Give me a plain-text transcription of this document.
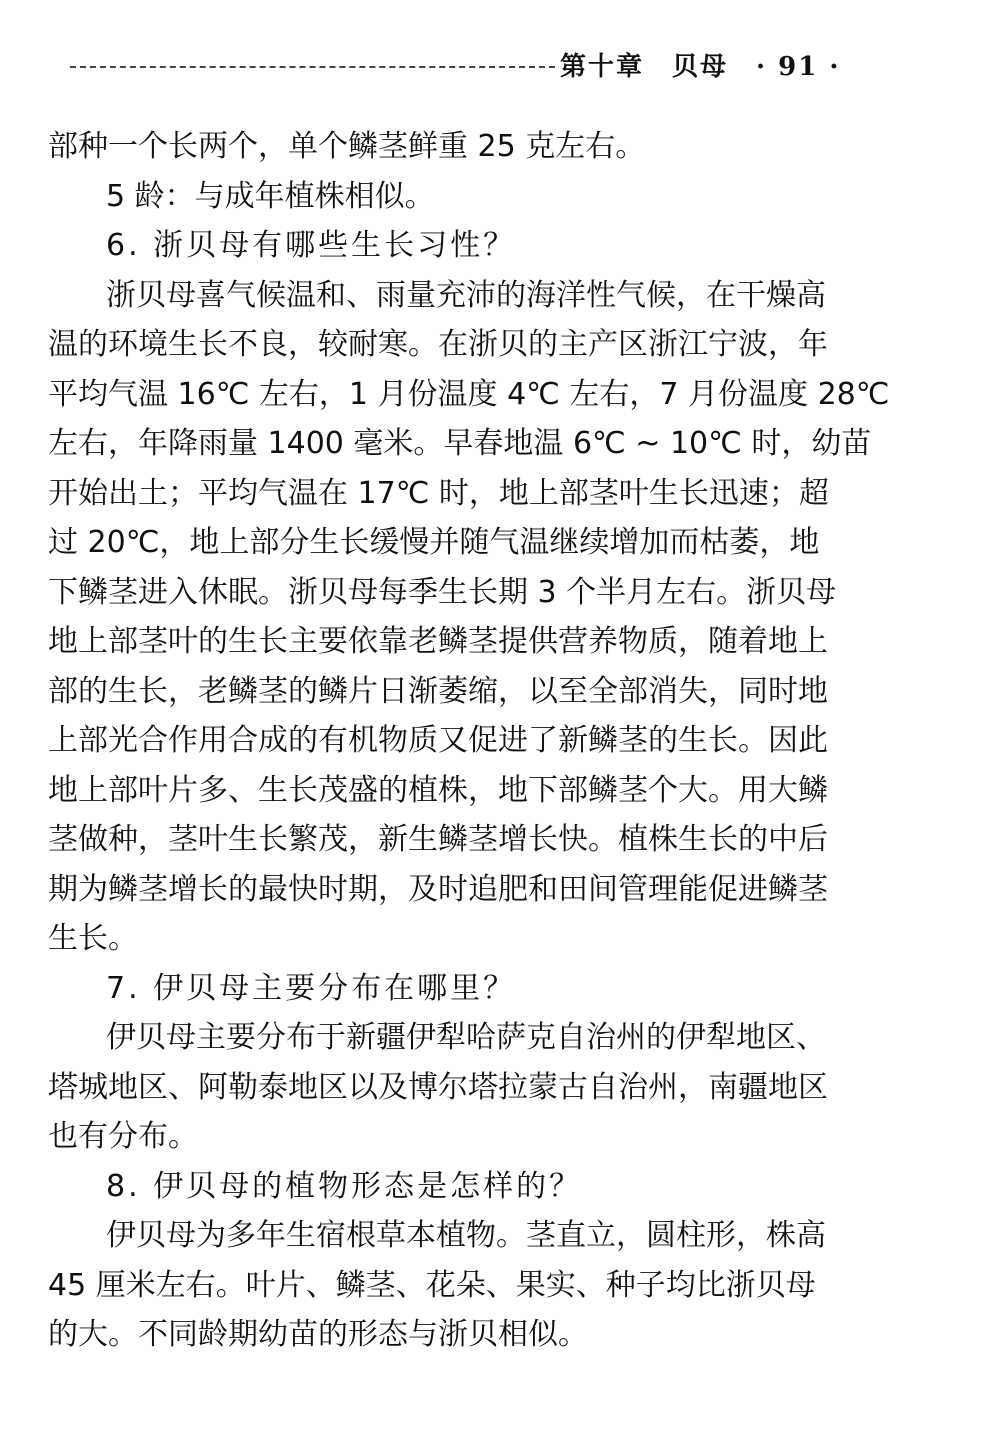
第十章　贝母 · 91 ·
部种一个长两个，单个鳞茎鲜重 25 克左右。
5 龄：与成年植株相似。
6. 浙贝母有哪些生长习性？
浙贝母喜气候温和、雨量充沛的海洋性气候，在干燥高
温的环境生长不良，较耐寒。在浙贝的主产区浙江宁波，年
平均气温 16℃ 左右，1 月份温度 4℃ 左右，7 月份温度 28℃
左右，年降雨量 1400 毫米。早春地温 6℃ ~ 10℃ 时，幼苗
开始出土；平均气温在 17℃ 时，地上部茎叶生长迅速；超
过 20℃，地上部分生长缓慢并随气温继续增加而枯萎，地
下鳞茎进入休眠。浙贝母每季生长期 3 个半月左右。浙贝母
地上部茎叶的生长主要依靠老鳞茎提供营养物质，随着地上
部的生长，老鳞茎的鳞片日渐萎缩，以至全部消失，同时地
上部光合作用合成的有机物质又促进了新鳞茎的生长。因此
地上部叶片多、生长茂盛的植株，地下部鳞茎个大。用大鳞
茎做种，茎叶生长繁茂，新生鳞茎增长快。植株生长的中后
期为鳞茎增长的最快时期，及时追肥和田间管理能促进鳞茎
生长。
7. 伊贝母主要分布在哪里？
伊贝母主要分布于新疆伊犁哈萨克自治州的伊犁地区、
塔城地区、阿勒泰地区以及博尔塔拉蒙古自治州，南疆地区
也有分布。
8. 伊贝母的植物形态是怎样的？
伊贝母为多年生宿根草本植物。茎直立，圆柱形，株高
45 厘米左右。叶片、鳞茎、花朵、果实、种子均比浙贝母
的大。不同龄期幼苗的形态与浙贝相似。
